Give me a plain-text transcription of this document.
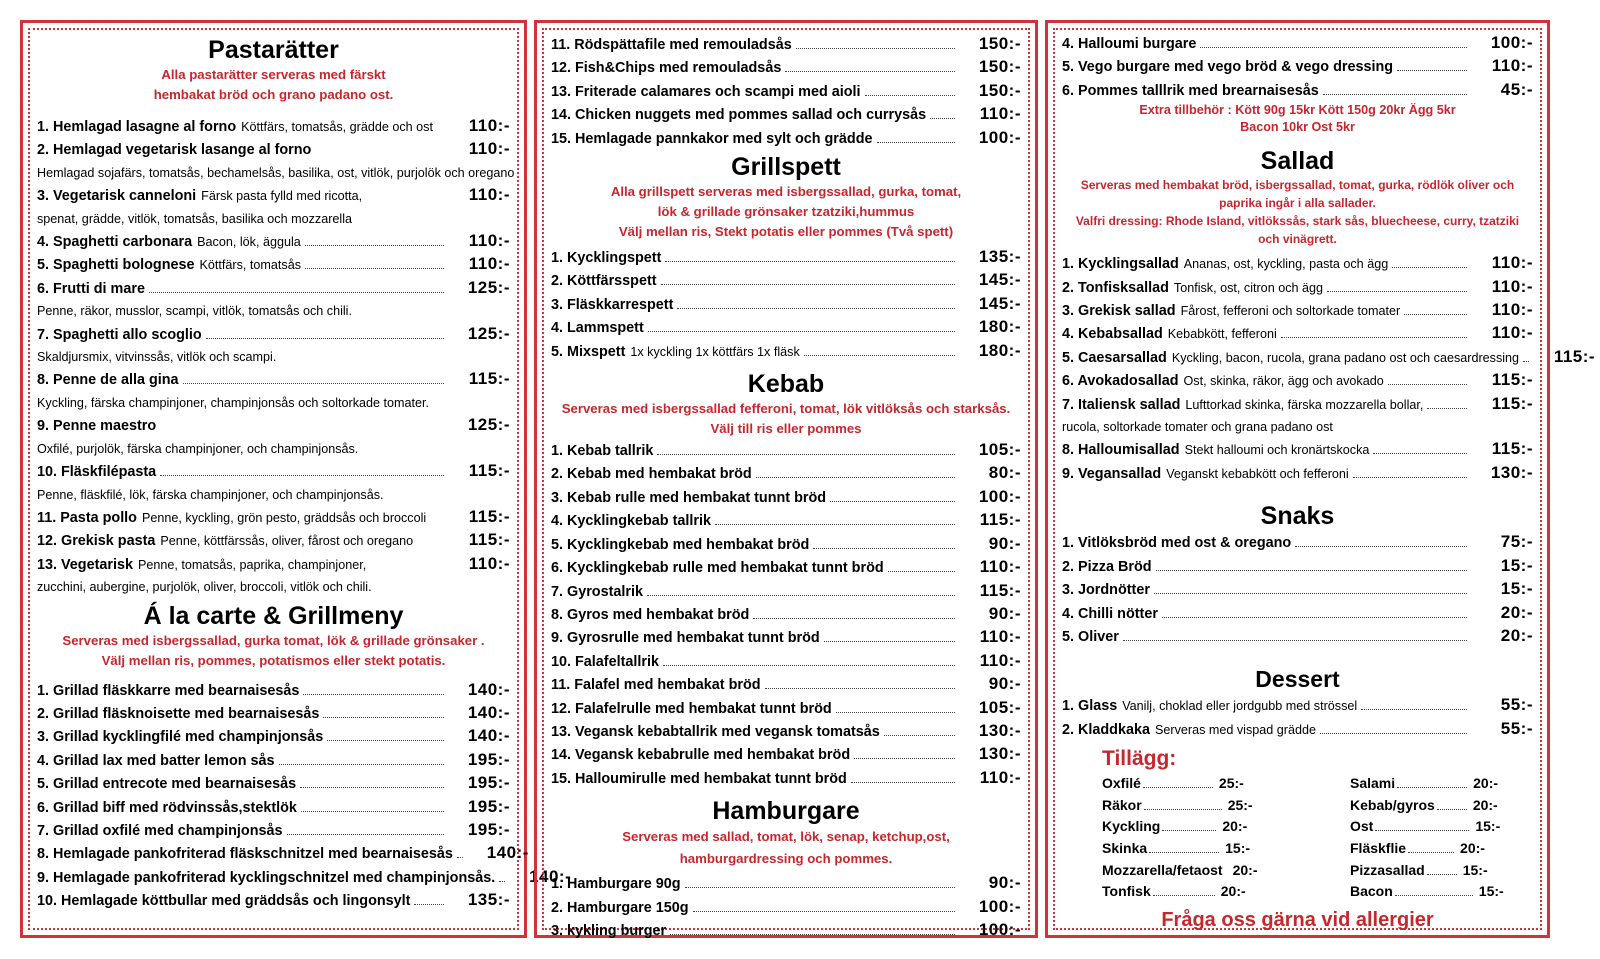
Pastarätter
Alla pastarätter serveras med färskt
hembakat bröd och grano padano ost.
1. Hemlagad lasagne al forno Köttfärs, tomatsås, grädde och ost	110:-
2. Hemlagad vegetarisk lasange al forno	110:-
Hemlagad sojafärs, tomatsås, bechamelsås, basilika, ost, vitlök, purjolök och oregano
3. Vegetarisk canneloni Färsk pasta fylld med ricotta,	110:-
spenat, grädde, vitlök, tomatsås, basilika och mozzarella
4. Spaghetti carbonara Bacon, lök, äggula	110:-
5. Spaghetti bolognese Köttfärs, tomatsås	110:-
6. Frutti di mare	125:-
Penne, räkor, musslor, scampi, vitlök, tomatsås och chili.
7. Spaghetti allo scoglio	125:-
Skaldjursmix, vitvinssås, vitlök och scampi.
8. Penne de alla gina	115:-
Kyckling, färska champinjoner, champinjonsås och soltorkade tomater.
9. Penne maestro	125:-
Oxfilé, purjolök, färska champinjoner, och champinjonsås.
10. Fläskfilépasta	115:-
Penne, fläskfilé, lök, färska champinjoner, och champinjonsås.
11. Pasta pollo Penne, kyckling, grön pesto, gräddsås och broccoli	115:-
12. Grekisk pasta Penne, köttfärssås, oliver, fårost och oregano	115:-
13. Vegetarisk Penne, tomatsås, paprika, champinjoner,	110:-
zucchini, aubergine, purjolök, oliver, broccoli, vitlök och chili.
Á la carte & Grillmeny
Serveras med isbergssallad, gurka tomat, lök & grillade grönsaker .
Välj mellan ris, pommes, potatismos eller stekt potatis.
1. Grillad fläskkarre med bearnaisesås	140:-
2. Grillad fläsknoisette med bearnaisesås	140:-
3. Grillad kycklingfilé med champinjonsås	140:-
4. Grillad lax med batter lemon sås	195:-
5. Grillad entrecote med bearnaisesås	195:-
6. Grillad biff med rödvinssås,stektlök	195:-
7. Grillad oxfilé med champinjonsås	195:-
8. Hemlagade pankofriterad fläskschnitzel med bearnaisesås	140:-
9. Hemlagade pankofriterad kycklingschnitzel med champinjonsås.	140:-
10. Hemlagade köttbullar med gräddsås och lingonsylt	135:-
11. Rödspättafile med remouladsås	150:-
12. Fish&Chips med remouladsås	150:-
13. Friterade calamares och scampi med aioli	150:-
14. Chicken nuggets med pommes sallad och currysås	110:-
15. Hemlagade pannkakor med sylt och grädde	100:-
Grillspett
Alla grillspett serveras med isbergssallad, gurka, tomat,
lök & grillade grönsaker tzatziki,hummus
Välj mellan ris, Stekt potatis eller pommes (Två spett)
1. Kycklingspett	135:-
2. Köttfärsspett	145:-
3. Fläskkarrespett	145:-
4. Lammspett	180:-
5. Mixspett 1x kyckling 1x köttfärs 1x fläsk	180:-
Kebab
Serveras med isbergssallad fefferoni, tomat, lök vitlöksås och starksås.
Välj till ris eller pommes
1. Kebab tallrik	105:-
2. Kebab med hembakat bröd	80:-
3. Kebab rulle med hembakat tunnt bröd	100:-
4. Kycklingkebab tallrik	115:-
5. Kycklingkebab med hembakat bröd	90:-
6. Kycklingkebab rulle med hembakat tunnt bröd	110:-
7. Gyrostalrik	115:-
8. Gyros med hembakat bröd	90:-
9. Gyrosrulle med hembakat tunnt bröd	110:-
10. Falafeltallrik	110:-
11. Falafel med hembakat bröd	90:-
12. Falafelrulle med hembakat tunnt bröd	105:-
13. Vegansk kebabtallrik med vegansk tomatsås	130:-
14. Vegansk kebabrulle med hembakat bröd	130:-
15. Halloumirulle med hembakat tunnt bröd	110:-
Hamburgare
Serveras med sallad, tomat, lök, senap, ketchup,ost,
hamburgardressing och pommes.
1. Hamburgare 90g	90:-
2. Hamburgare 150g	100:-
3. kykling burger	100:-
4. Halloumi burgare	100:-
5. Vego burgare med vego bröd & vego dressing	110:-
6. Pommes talllrik med brearnaisesås	45:-
Extra tillbehör : Kött 90g 15kr Kött 150g 20kr Ägg 5kr
Bacon 10kr Ost 5kr
Sallad
Serveras med hembakat bröd, isbergssallad, tomat, gurka, rödlök oliver och
paprika ingår i alla sallader.
Valfri dressing: Rhode Island, vitlökssås, stark sås, bluecheese, curry, tzatziki
och vinägrett.
1. Kycklingsallad Ananas, ost, kyckling, pasta och ägg	110:-
2. Tonfisksallad Tonfisk, ost, citron och ägg	110:-
3. Grekisk sallad Fårost, fefferoni och soltorkade tomater	110:-
4. Kebabsallad Kebabkött, fefferoni	110:-
5. Caesarsallad Kyckling, bacon, rucola, grana padano ost och caesardressing	115:-
6. Avokadosallad Ost, skinka, räkor, ägg och avokado	115:-
7. Italiensk sallad Lufttorkad skinka, färska mozzarella bollar,	115:-
rucola, soltorkade tomater och grana padano ost
8. Halloumisallad Stekt halloumi och kronärtskocka	115:-
9. Vegansallad Veganskt kebabkött och fefferoni	130:-
Snaks
1. Vitlöksbröd med ost & oregano	75:-
2. Pizza Bröd	15:-
3. Jordnötter	15:-
4. Chilli nötter	20:-
5. Oliver	20:-
Dessert
1. Glass Vanilj, choklad eller jordgubb med strössel	55:-
2. Kladdkaka Serveras med vispad grädde	55:-
Tillägg:
Oxfilé	25:-
Räkor	25:-
Kyckling	20:-
Skinka	15:-
Mozzarella/fetaost 20:-
Tonfisk	20:-
Salami	20:-
Kebab/gyros	20:-
Ost	15:-
Fläskflie	20:-
Pizzasallad	15:-
Bacon	15:-
Fråga oss gärna vid allergier
